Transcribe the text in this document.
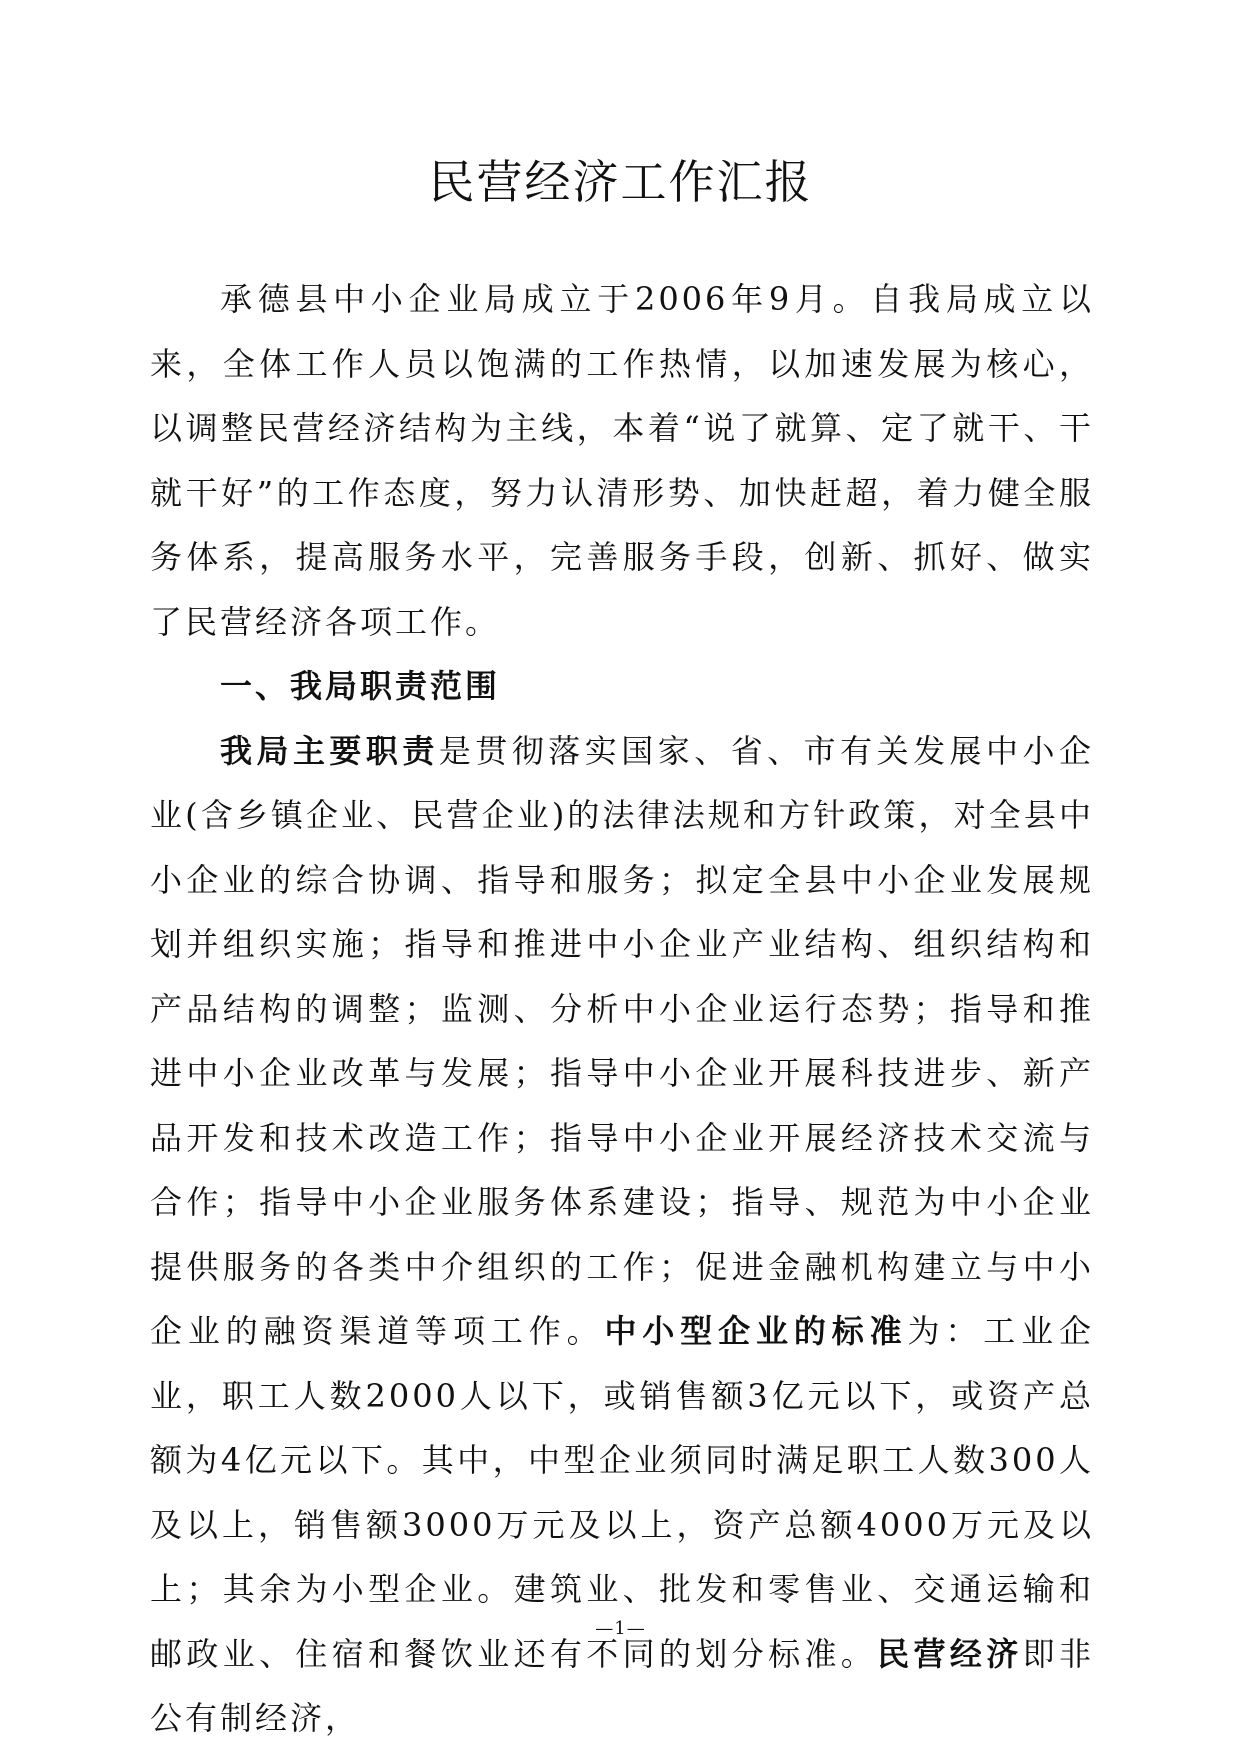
民营经济工作汇报

承德县中小企业局成立于2006年9月。自我局成立以来，全体工作人员以饱满的工作热情，以加速发展为核心，以调整民营经济结构为主线，本着“说了就算、定了就干、干就干好”的工作态度，努力认清形势、加快赶超，着力健全服务体系，提高服务水平，完善服务手段，创新、抓好、做实了民营经济各项工作。

一、我局职责范围

我局主要职责是贯彻落实国家、省、市有关发展中小企业(含乡镇企业、民营企业)的法律法规和方针政策，对全县中小企业的综合协调、指导和服务；拟定全县中小企业发展规划并组织实施；指导和推进中小企业产业结构、组织结构和产品结构的调整；监测、分析中小企业运行态势；指导和推进中小企业改革与发展；指导中小企业开展科技进步、新产品开发和技术改造工作；指导中小企业开展经济技术交流与合作；指导中小企业服务体系建设；指导、规范为中小企业提供服务的各类中介组织的工作；促进金融机构建立与中小企业的融资渠道等项工作。中小型企业的标准为：工业企业，职工人数2000人以下，或销售额3亿元以下，或资产总额为4亿元以下。其中，中型企业须同时满足职工人数300人及以上，销售额3000万元及以上，资产总额4000万元及以上；其余为小型企业。建筑业、批发和零售业、交通运输和邮政业、住宿和餐饮业还有不同的划分标准。民营经济即非公有制经济，

—1—
